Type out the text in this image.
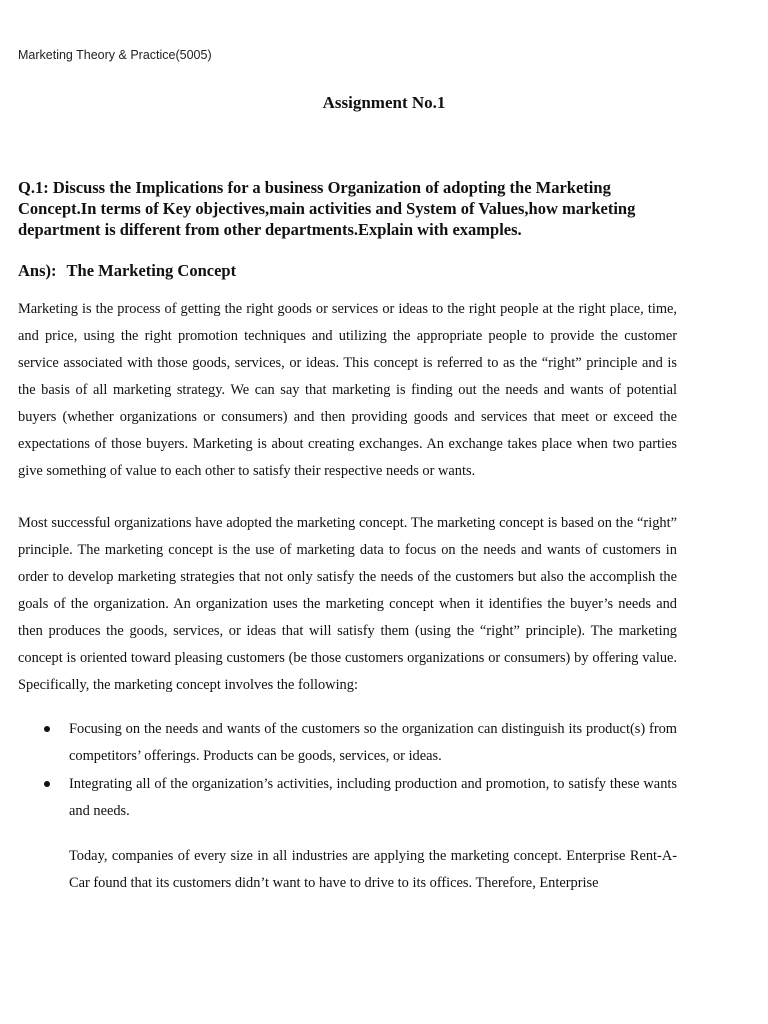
Marketing Theory & Practice(5005)
Assignment No.1

Q.1: Discuss the Implications for a business Organization of adopting the Marketing Concept.In terms of Key objectives,main activities and System of Values,how marketing department is different from other departments.Explain with examples.

Ans): The Marketing Concept

Marketing is the process of getting the right goods or services or ideas to the right people at the right place, time, and price, using the right promotion techniques and utilizing the appropriate people to provide the customer service associated with those goods, services, or ideas. This concept is referred to as the “right” principle and is the basis of all marketing strategy. We can say that marketing is finding out the needs and wants of potential buyers (whether organizations or consumers) and then providing goods and services that meet or exceed the expectations of those buyers. Marketing is about creating exchanges. An exchange takes place when two parties give something of value to each other to satisfy their respective needs or wants.

Most successful organizations have adopted the marketing concept. The marketing concept is based on the “right” principle. The marketing concept is the use of marketing data to focus on the needs and wants of customers in order to develop marketing strategies that not only satisfy the needs of the customers but also the accomplish the goals of the organization. An organization uses the marketing concept when it identifies the buyer’s needs and then produces the goods, services, or ideas that will satisfy them (using the “right” principle). The marketing concept is oriented toward pleasing customers (be those customers organizations or consumers) by offering value. Specifically, the marketing concept involves the following:

Focusing on the needs and wants of the customers so the organization can distinguish its product(s) from competitors’ offerings. Products can be goods, services, or ideas.
Integrating all of the organization’s activities, including production and promotion, to satisfy these wants and needs.

Today, companies of every size in all industries are applying the marketing concept. Enterprise Rent-A-Car found that its customers didn’t want to have to drive to its offices. Therefore, Enterprise
